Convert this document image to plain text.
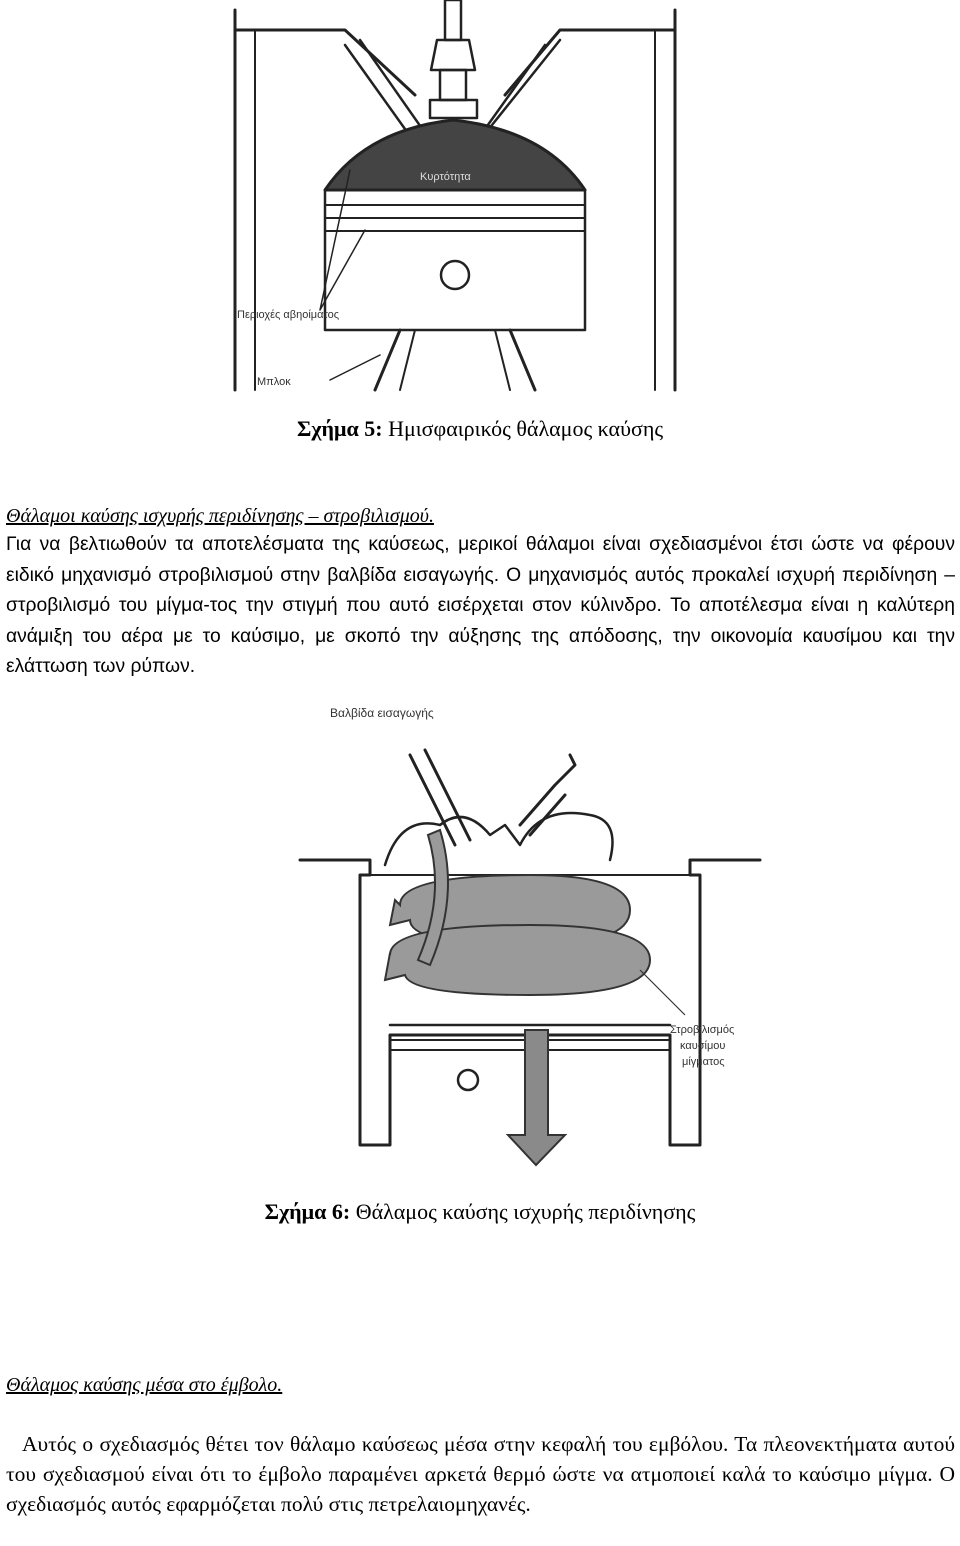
Κυρτότητα
Περιοχές αβηοίματος
Μπλοκ
Σχήμα 5: Ημισφαιρικός θάλαμος καύσης
Θάλαμοι καύσης ισχυρής περιδίνησης – στροβιλισμού.
Για να βελτιωθούν τα αποτελέσματα της καύσεως, μερικοί θάλαμοι είναι σχεδιασμένοι έτσι ώστε να φέρουν ειδικό μηχανισμό στροβιλισμού στην βαλβίδα εισαγωγής. Ο μηχανισμός αυτός προκαλεί ισχυρή περιδίνηση – στροβιλισμό του μίγμα-τος την στιγμή που αυτό εισέρχεται στον κύλινδρο. Το αποτέλεσμα είναι η καλύτερη ανάμιξη του αέρα με το καύσιμο, με σκοπό την αύξησης της απόδοσης, την οικονομία καυσίμου και την ελάττωση των ρύπων.
Βαλβίδα εισαγωγής
Στροβιλισμός
καυσίμου
μίγματος
Σχήμα 6: Θάλαμος καύσης ισχυρής περιδίνησης
Θάλαμος καύσης μέσα στο έμβολο.
Αυτός ο σχεδιασμός θέτει τον θάλαμο καύσεως μέσα στην κεφαλή του εμβόλου. Τα πλεονεκτήματα αυτού του σχεδιασμού είναι ότι το έμβολο παραμένει αρκετά θερμό ώστε να ατμοποιεί καλά το καύσιμο μίγμα. Ο σχεδιασμός αυτός εφαρμόζεται πολύ στις πετρελαιομηχανές.
